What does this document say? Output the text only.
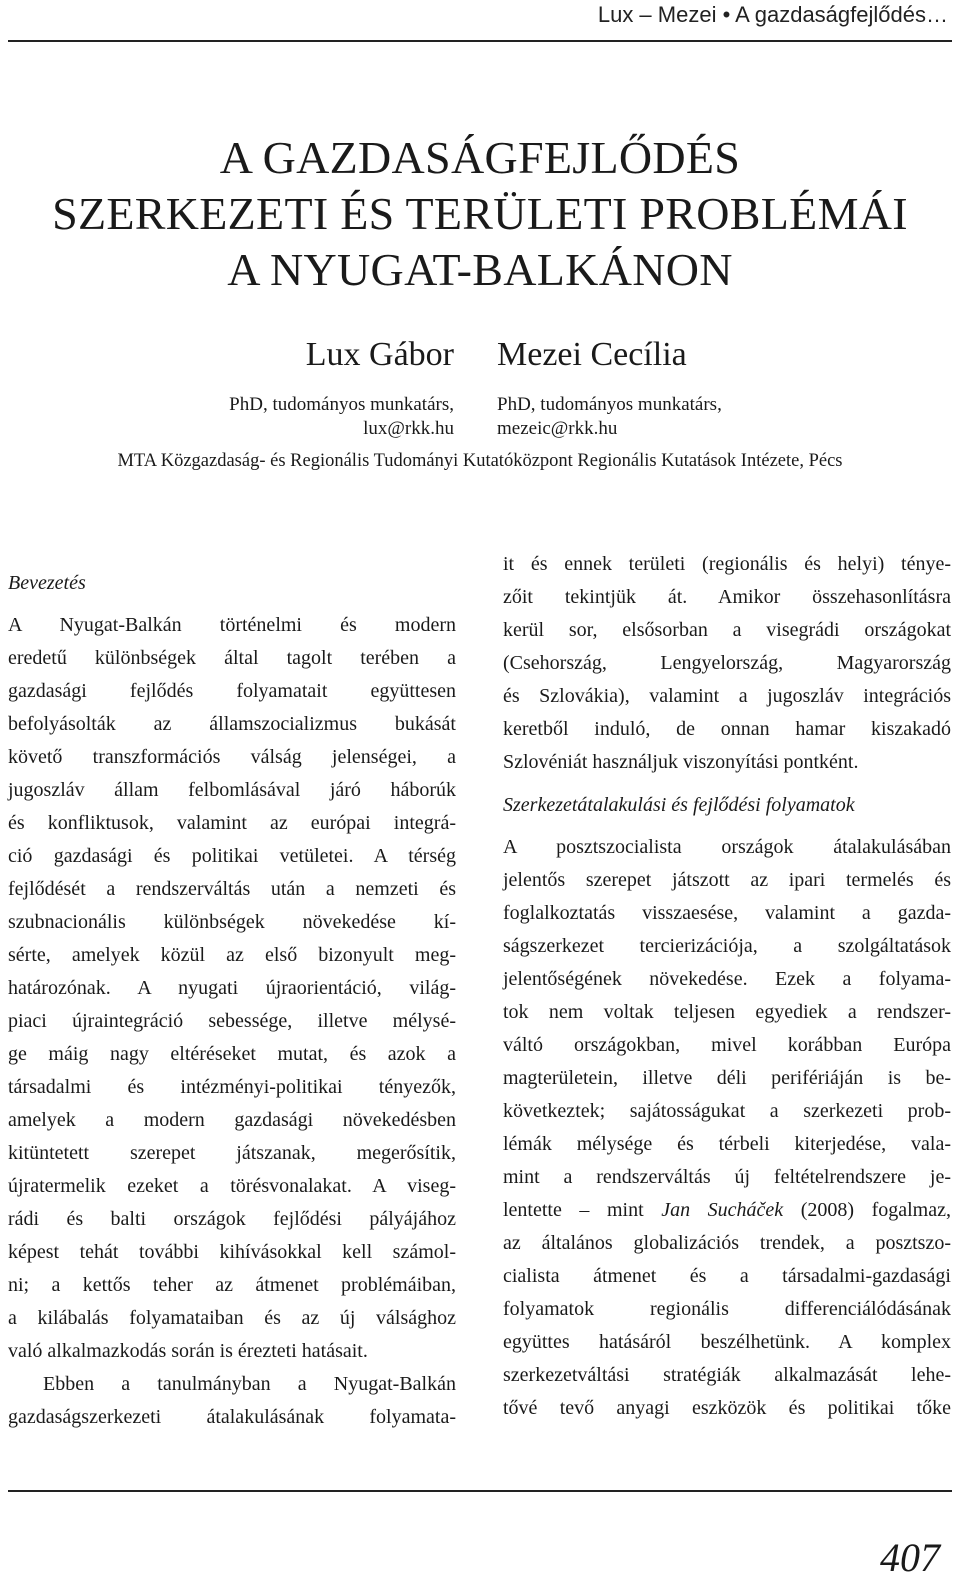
Lux – Mezei • A gazdaságfejlődés…
A GAZDASÁGFEJLŐDÉS
SZERKEZETI ÉS TERÜLETI PROBLÉMÁI
A NYUGAT-BALKÁNON
Lux Gábor Mezei Cecília
PhD, tudományos munkatárs,
lux@rkk.hu
PhD, tudományos munkatárs,
mezeic@rkk.hu
MTA Közgazdaság- és Regionális Tudományi Kutatóközpont Regionális Kutatások Intézete, Pécs
Bevezetés
A Nyugat-Balkán történelmi és modern
eredetű különbségek által tagolt terében a
gazdasági fejlődés folyamatait együttesen
befolyásolták az államszocializmus bukását
követő transzformációs válság jelenségei, a
jugoszláv állam felbomlásával járó háborúk
és konfliktusok, valamint az európai integrá-
ció gazdasági és politikai vetületei. A térség
fejlődését a rendszerváltás után a nemzeti és
szubnacionális különbségek növekedése kí-
sérte, amelyek közül az első bizonyult meg-
határozónak. A nyugati újraorientáció, világ-
piaci újraintegráció sebessége, illetve mélysé-
ge máig nagy eltéréseket mutat, és azok a
társadalmi és intézményi-politikai tényezők,
amelyek a modern gazdasági növekedésben
kitüntetett szerepet játszanak, megerősítik,
újratermelik ezeket a törésvonalakat. A viseg-
rádi és balti országok fejlődési pályájához
képest tehát további kihívásokkal kell számol-
ni; a kettős teher az átmenet problémáiban,
a kilábalás folyamataiban és az új válsághoz
való alkalmazkodás során is érezteti hatásait.
Ebben a tanulmányban a Nyugat-Balkán
gazdaságszerkezeti átalakulásának folyamata-
it és ennek területi (regionális és helyi) ténye-
zőit tekintjük át. Amikor összehasonlításra
kerül sor, elsősorban a visegrádi országokat
(Csehország, Lengyelország, Magyarország
és Szlovákia), valamint a jugoszláv integrációs
keretből induló, de onnan hamar kiszakadó
Szlovéniát használjuk viszonyítási pontként.
Szerkezetátalakulási és fejlődési folyamatok
A posztszocialista országok átalakulásában
jelentős szerepet játszott az ipari termelés és
foglalkoztatás visszaesése, valamint a gazda-
ságszerkezet tercierizációja, a szolgáltatások
jelentőségének növekedése. Ezek a folyama-
tok nem voltak teljesen egyediek a rendszer-
váltó országokban, mivel korábban Európa
magterületein, illetve déli perifériáján is be-
következtek; sajátosságukat a szerkezeti prob-
lémák mélysége és térbeli kiterjedése, vala-
mint a rendszerváltás új feltételrendszere je-
lentette – mint Jan Sucháček (2008) fogalmaz,
az általános globalizációs trendek, a posztszo-
cialista átmenet és a társadalmi-gazdasági
folyamatok regionális differenciálódásának
együttes hatásáról beszélhetünk. A komplex
szerkezetváltási stratégiák alkalmazását lehe-
tővé tevő anyagi eszközök és politikai tőke
407
